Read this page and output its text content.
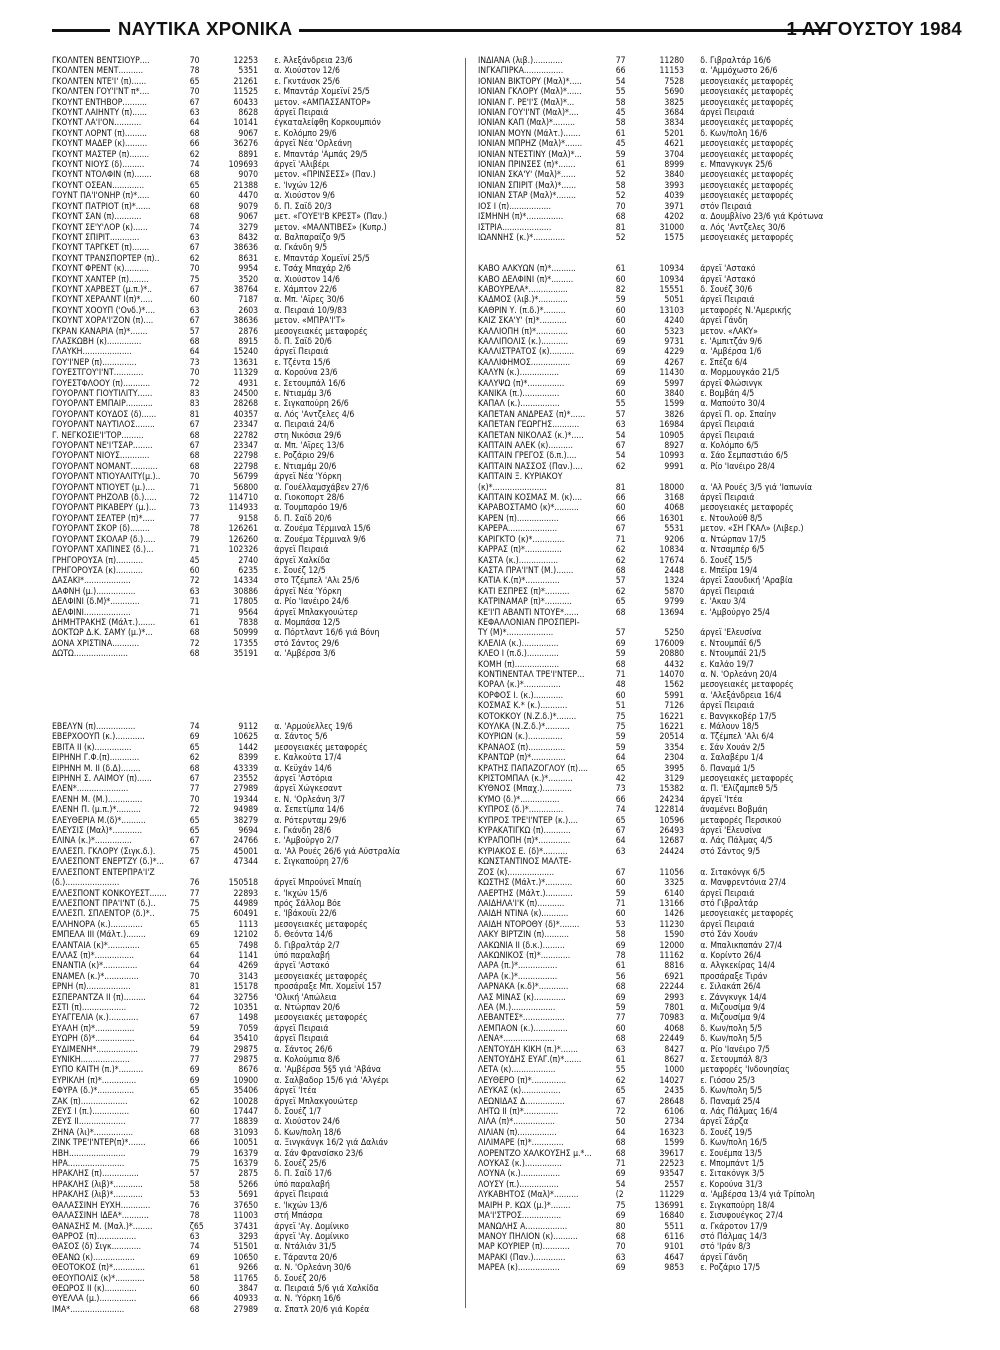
ΝΑΥΤΙΚΑ ΧΡΟΝΙΚΑ	1 ΑΥΓΟΥΣΤΟΥ 1984
ΓΚΟΛΝΤΕΝ ΒΕΝΤΣΙΟΥΡ....	70	12253 ε. Άλεξάνδρεια 23/6
ΓΚΟΛΝΤΕΝ ΜΕΝΤ..........	78	5351 α. Χιούστον 12/6
ΓΚΟΛΝΤΕΝ ΝΤΕ'Ι' (π)......	65	21261 ε. Γκντάνσκ 25/6
ΓΚΟΛΝΤΕΝ ΓΟΥ'Ι'ΝΤ π*....	70	11525 ε. Μπαντάρ Χομεϊνί 25/5
ΓΚΟΥΝΤ ΕΝΤΗΒΟΡ..........	67	60433 μετον. «ΑΜΠΑΣΣΑΝΤΟΡ»
ΓΚΟΥΝΤ ΛΑΙΗΝΤΥ (π)......	63	8628 άργεϊ Πειραιά
ΓΚΟΥΝΤ ΛΑ'Ι'ΟΝ...........	64	10141 έγκαταλείφθη Κορκουμπιόν
ΓΚΟΥΝΤ ΛΟΡΝΤ (π).........	68	9067 ε. Κολόμπο 29/6
ΓΚΟΥΝΤ ΜΑΔΕΡ (κ).........	66	36276 άργεϊ Νέα 'Ορλεάνη
ΓΚΟΥΝΤ ΜΑΣΤΕΡ (π)........	62	8891 ε. Μπαντάρ 'Αμπάς 29/5
ΓΚΟΥΝΤ ΝΙΟΥΣ (δ).........	74	109693 άργεϊ 'Αλιβέρι
ΓΚΟΥΝΤ ΝΤΟΛΦΙΝ (π).......	68	9070 μετον. «ΠΡΙΝΣΕΣΣ» (Παν.)
ΓΚΟΥΝΤ ΟΣΕΑΝ.............	65	21388 ε. 'Ινχών 12/6
ΓΟΥΝΤ ΠΑ'Ι'ΟΝΗΡ (π)*.....	60	4470 α. Χιούστον 9/6
ΓΚΟΥΝΤ ΠΑΤΡΙΟΤ (π)*......	68	9079 δ. Π. Σαΐδ 20/3
ΓΚΟΥΝΤ ΣΑΝ (π)...........	68	9067 μετ. «ΓΟΥΕ'Ι'Β ΚΡΕΣΤ» (Παν.)
ΓΚΟΥΝΤ ΣΕ'Υ'ΛΟΡ (κ)......	74	3279 μετον. «ΜΑΛΝΤΙΒΕΣ» (Κυπρ.)
ΓΚΟΥΝΤ ΣΠΙΡΙΤ............	63	8432 α. Βαλπαραίζο 9/5
ΓΚΟΥΝΤ ΤΑΡΓΚΕΤ (π).......	67	38636 α. Γκάνδη 9/5
ΓΚΟΥΝΤ ΤΡΑΝΣΠΟΡΤΕΡ (π)..	62	8631 ε. Μπαντάρ Χομεϊνί 25/5
ΓΚΟΥΝΤ ΦΡΕΝΤ (κ)..........	70	9954 ε. Τσάχ Μπαχάρ 2/6
ΓΚΟΥΝΤ ΧΑΝΤΕΡ (π)........	75	3520 α. Χιούστον 14/6
ΓΚΟΥΝΤ ΧΑΡΒΕΣΤ (μ.π.)*..	67	38764 ε. Χάμπτον 22/6
ΓΚΟΥΝΤ ΧΕΡΑΛΝΤ Ι(π)*.....	60	7187 α. Μπ. 'Αϊρες 30/6
ΓΚΟΥΝΤ ΧΟΟΥΠ ('Ονδ.)*....	63	2603 α. Πειραιά 10/9/83
ΓΚΟΥΝΤ ΧΟΡΑ'Ι'ΖΟΝ (π)....	67	38636 μετον. «ΜΠΡΑ'Ι'Τ»
ΓΚΡΑΝ ΚΑΝΑΡΙΑ (π)*.......	57	2876 μεσογειακές μεταφορές
ΓΛΑΣΚΩΒΗ (κ)..............	68	8915 δ. Π. Σαΐδ 20/6
ΓΛΑΥΚΗ....................	64	15240 άργεϊ Πειραιά
ΓΟΥ'Ι'ΝΕΡ (π)..............	73	13631 ε. Τζέντα 15/6
ΓΟΥΕΣΤΓΟΥ'Ι'ΝΤ............	70	11329 α. Κορούνα 23/6
ΓΟΥΕΣΤΦΛΟΟΥ (π)...........	72	4931 ε. Σετουμπάλ 16/6
ΓΟΥΟΡΛΝΤ ΓΙΟΥΤΙΛΙΤΥ......	83	24500 ε. Ντιαμάμ 3/6
ΓΟΥΟΡΛΝΤ ΕΜΠΑΙΡ...........	83	28268 ε. Σιγκαπούρη 26/6
ΓΟΥΟΡΛΝΤ ΚΟΥΔΟΣ (δ)......	81	40357 α. Λός 'Αντζελες 4/6
ΓΟΥΟΡΛΝΤ ΝΑΥΤΙΛΟΣ........	67	23347 α. Πειραιά 24/6
Γ. ΝΕΓΚΟΣΙΕ'Ι'ΤΟΡ.........	68	22782 στη Νικόσια 29/6
ΓΟΥΟΡΛΝΤ ΝΕ'Ι'ΤΣΑΡ........	67	23347 α. Μπ. 'Αϊρες 13/6
ΓΟΥΟΡΛΝΤ ΝΙΟΥΣ............	68	22798 ε. Ροζάριο 29/6
ΓΟΥΟΡΛΝΤ ΝΟΜΑΝΤ...........	68	22798 ε. Ντιαμάμ 20/6
ΓΟΥΟΡΛΝΤ ΝΤΙΟΥΑΛΙΤΥ(μ.)..	70	56799 άργεϊ Νέα 'Υόρκη
ΓΟΥΟΡΛΝΤ ΝΤΙΟΥΕΤ (μ.)....	71	56800 α. Γουέλλαμσχάβεν 27/6
ΓΟΥΟΡΛΝΤ ΡΗΖΟΛΒ (δ.).....	72	114710 α. Γιοκοπορτ 28/6
ΓΟΥΟΡΛΝΤ ΡΙΚΑΒΕΡΥ (μ.)...	73	114933 α. Τουμπαρόο 19/6
ΓΟΥΟΡΛΝΤ ΣΕΛΤΕΡ (π)*.....	77	9158 δ. Π. Σαΐδ 20/6
ΓΟΥΟΡΛΝΤ ΣΚΟΡ (δ)........	78	126261 α. Ζουέμα Τέρμιναλ 15/6
ΓΟΥΟΡΛΝΤ ΣΚΟΛΑΡ (δ.).....	79	126260 α. Ζουέμα Τέρμιναλ 9/6
ΓΟΥΟΡΛΝΤ ΧΑΠΙΝΕΣ (δ.)...	71	102326 άργεϊ Πειραιά
ΓΡΗΓΟΡΟΥΣΑ (π)...........	45	2740 άργεϊ Χαλκίδα
ΓΡΗΓΟΡΟΥΣΑ (κ)...........	60	6235 ε. Σουέζ 12/5
ΔΑΣΑΚΙ*...................	72	14334 στο Τζέμπελ 'Αλι 25/6
ΔΑΦΝΗ (μ.)................	63	30886 άργεϊ Νέα 'Υόρκη
ΔΕΛΦΙΝΙ (δ.Μ)*............	71	17805 α. Ρίο 'Ιανέιρο 24/6
ΔΕΛΦΙΝΙ...................	71	9564 άργεϊ Μπλακγουώτερ
ΔΗΜΗΤΡΑΚΗΣ (Μάλτ.).......	61	7838 α. Μομπάσα 12/5
ΔΟΚΤΩΡ Δ.Κ. ΣΑΜΥ (μ.)*...	68	50999 α. Πόρτλαντ 16/6 γιά Βόνη
ΔΟΝΑ ΧΡΙΣΤΙΝΑ...........	72	17355 στό Σάντος 29/6
ΔΩΤΩ......................	68	35191 α. 'Αμβέρσα 3/6
ΕΒΕΛΥΝ (π)................	74	9112 α. 'Αρμούελλες 19/6
ΕΒΕΡΧΟΟΥΠ (κ.)............	69	10625 α. Σάντος 5/6
ΕΒΙΤΑ ΙΙ (κ)...............	65	1442 μεσογειακές μεταφορές
ΕΙΡΗΝΗ Γ.Φ.(π)............	62	8399 ε. Καλκούτα 17/4
ΕΙΡΗΝΗ Μ. ΙΙ (δ.Δ)........	68	43339 α. Κεϋχάν 14/6
ΕΙΡΗΝΗ Σ. ΛΑΙΜΟΥ (π)......	67	23552 άργεϊ 'Αστόρια
ΕΛΕΝ*.....................	77	27989 άργεϊ Χώγκεσαντ
ΕΛΕΝΗ Μ. (Μ.)..............	70	19344 ε. Ν. 'Ορλεάνη 3/7
ΕΛΕΝΗ Π. (μ.π.)*..........	72	94989 α. Σεπετίμπα 14/6
ΕΛΕΥΘΕΡΙΑ Μ.(δ)*..........	65	38279 α. Ρότερνταμ 29/6
ΕΛΕΥΣΙΣ (Μαλ)*............	65	9694 ε. Γκάνδη 28/6
ΕΛΙΝΑ (κ.)*...............	67	24766 ε. 'Αμβούργο 2/7
ΕΛΛΕΣΠ. ΓΚΛΟΡΥ (Σιγκ.δ.).	75	45001 α. 'Αλ Ρουές 26/6 γιά Αύστραλία
ΕΛΛΕΣΠΟΝΤ ΕΝΕΡΤΖΥ (δ.)*...	67	47344 ε. Σιγκαπούρη 27/6
ΕΛΛΕΣΠΟΝΤ ΕΝΤΕΡΠΡΑ'Ι'Ζ
(δ.)......................	76	150518 άργεϊ Μπρούνεϊ Μπαίη
ΕΛΛΕΣΠΟΝΤ ΚΟΝΚΟΥΕΣΤ.......	77	22893 ε. 'Ικχών 15/6
ΕΛΛΕΣΠΟΝΤ ΠΡΑ'Ι'ΝΤ (δ.)..	75	44989 πρός Σάλλομ Βόε
ΕΛΛΕΣΠ. ΣΠΛΕΝΤΟΡ (δ.)*..	75	60491 ε. 'Ιβάκουϊι 22/6
ΕΛΛΗΝΟΡΑ (κ.).............	65	1113 μεσογειακές μεταφορές
ΕΜΠΕΛΑ ΙΙΙ (Μάλτ.)........	69	12102 δ. Θεόντα 14/6
ΕΛΑΝΤΑΙΑ (κ)*.............	65	7498 δ. Γιβραλτάρ 2/7
ΕΛΛΑΣ (π)*................	64	1141 ύπό παραλαβή
ΕΝΑΝΤΙΑ (κ)*..............	64	4269 άργεϊ 'Αστακό
ΕΝΑΜΕΛ (κ.)*..............	70	3143 μεσογειακές μεταφορές
ΕΡΝΗ (π)..................	81	15178 προσάραξε Μπ. Χομεϊνί 157
ΕΣΠΕΡΑΝΤΖΑ ΙΙ (π).........	64	32756 'Ολική 'Απώλεια
ΕΣΤΙ (π)..................	72	10351 α. Ντώρπαν 20/6
ΕΥΑΓΓΕΛΙΑ (κ.)............	67	1498 μεσογειακές μεταφορές
ΕΥΑΛΗ (π)*................	59	7059 άργεϊ Πειραιά
ΕΥΩΡΗ (δ)*................	64	35410 άργεϊ Πειραιά
ΕΥΔΙΜΕΝΗ*.................	79	29875 α. Σάντος 26/6
ΕΥΝΙΚΗ....................	77	29875 α. Κολούμπια 8/6
ΕΥΠΟ ΚΑΙΤΗ (π.)*..........	69	8676 α. 'Αμβέρσα 5§5 γιά 'Αβάνα
ΕΥΡΙΚΛΗ (π)*..............	69	10900 α. Σαλβαδορ 15/6 γιά 'Αλγέρι
ΕΦΥΡΑ (δ.)*...............	65	35406 άργεϊ 'Ιτέα
ΖΑΚ (π)...................	62	10028 άργεϊ Μπλακγουώτερ
ΖΕΥΣ Ι (π.)...............	60	17447 δ. Σουέζ 1/7
ΖΕΥΣ ΙΙ...................	77	18839 α. Χιούστον 24/6
ΖΗΝΑ (λι)*................	68	31093 δ. Κων/πολη 18/6
ΖΙΝΚ ΤΡΕ'Ι'ΝΤΕΡ(π)*.......	66	10051 α. Ξινγκάνγκ 16/2 γιά Δαλιάν
ΗΒΗ.......................	79	16379 α. Σάν Φρανσίσκο 23/6
ΗΡΑ.......................	75	16379 δ. Σουέζ 25/6
ΗΡΑΚΛΗΣ (π)...............	57	2875 δ. Π. Σαΐδ 17/6
ΗΡΑΚΛΗΣ (λιβ)*............	58	5266 ύπό παραλαβή
ΗΡΑΚΛΗΣ (λιβ)*............	53	5691 άργεϊ Πειραιά
ΘΑΛΑΣΣΙΝΗ ΕΥΧΗ............	76	37650 ε. 'Ικχών 13/6
ΘΑΛΑΣΣΙΝΗ ΙΔΕΑ*...........	78	11003 στή Μπάσρα
ΘΑΝΑΣΗΣ Μ. (Μαλ.)*........	ζ65	37431 άργεϊ 'Αγ. Δομίνικο
ΘΑΡΡΟΣ (π)................	63	3293 άργεϊ 'Αγ. Δομίνικο
ΘΑΣΟΣ (δ) Σιγκ............	74	51501 α. Ντάλιάν 31/5
ΘΕΑΝΩ (κ).................	69	10650 ε. Τάραντα 20/6
ΘΕΟΤΟΚΟΣ (π)*.............	61	9266 α. Ν. 'Ορλεάνη 30/6
ΘΕΟΥΠΟΛΙΣ (κ)*............	58	11765 δ. Σουέζ 20/6
ΘΕΩΡΟΣ ΙΙ (κ).............	60	3847 α. Πειραιά 5/6 γιά Χαλκίδα
ΘΥΕΛΛΑ (μ.)...............	66	40933 α. Ν. 'Υόρκη 16/6
ΙΜΑ*......................	68	27989 α. Σπατλ 20/6 γιά Κορέα
ΙΝΔΙΑΝΑ (λιβ.)............	77	11280 δ. Γιβραλτάρ 16/6
ΙΝΓΚΑΠΙΡΚΑ................	66	11153 α. 'Αμμόχωστο 26/6
ΙΟΝΙΑΝ ΒΙΚΤΟΡΥ (Μαλ)*.....	54	7528 μεσογειακές μεταφορές
ΙΟΝΙΑΝ ΓΚΛΟΡΥ (Μαλ)*......	55	5690 μεσογειακές μεταφορές
ΙΟΝΙΑΝ Γ. ΡΕ'Ι'Σ (Μαλ)*...	58	3825 μεσογειακές μεταφορές
ΙΟΝΙΑΝ ΓΟΥ'Ι'ΝΤ (Μαλ)*....	45	3684 άργεϊ Πειραιά
ΙΟΝΙΑΝ ΚΑΠ (Μαλ)*.........	58	3834 μεσογειακές μεταφορές
ΙΟΝΙΑΝ ΜΟΥΝ (Μάλτ.).......	61	5201 δ. Κων/πολη 16/6
ΙΟΝΙΑΝ ΜΠΡΗΖ (Μαλ)*.......	45	4621 μεσογειακές μεταφορές
ΙΟΝΙΑΝ ΝΤΕΣΤΙΝΥ (Μαλ)*...	59	3704 μεσογειακές μεταφορές
ΙΟΝΙΑΝ ΠΡΙΝΣΕΣ (π)*.......	61	8999 ε. Μπανγκνγκ 25/6
ΙΟΝΙΑΝ ΣΚΑ'Υ' (Μαλ)*......	52	3840 μεσογειακές μεταφορές
ΙΟΝΙΑΝ ΣΠΙΡΙΤ (Μαλ)*......	58	3993 μεσογειακές μεταφορές
ΙΟΝΙΑΝ ΣΤΑΡ (Μαλ)*........	52	4039 μεσογειακές μεταφορές
ΙΟΣ Ι (π).................	70	3971 στόν Πειραιά
ΙΣΜΗΝΗ (π)*...............	68	4202 α. Δουμβλίνο 23/6 γιά Κρότωνα
ΙΣΤΡΙΑ....................	81	31000 α. Λός 'Αντζελες 30/6
ΙΩΑΝΝΗΣ (κ.)*.............	52	1575 μεσογειακές μεταφορές
ΚΑΒΟ ΑΛΚΥΩΝ (π)*..........	61	10934 άργεϊ 'Αστακό
ΚΑΒΟ ΔΕΛΦΙΝΙ (π)*.........	60	10934 άργεϊ 'Αστακό
ΚΑΒΟΥΡΕΛΑ*................	82	15551 δ. Σουέζ 30/6
ΚΑΔΜΟΣ (λιβ.)*............	59	5051 άργεϊ Πειραιά
ΚΑΘΡΙΝ Υ. (π.δ.)*.........	60	13103 μεταφορές Ν.'Αμερικής
ΚΑΙΖ ΣΚΑ'Υ' (π)*...........	60	4240 άργεϊ Γάνδη
ΚΑΛΛΙΟΠΗ (π)*.............	60	5323 μετον. «ΛΑΚΥ»
ΚΑΛΛΙΠΟΛΙΣ (κ.)...........	69	9731 ε. 'Αμπιτζάν 9/6
ΚΑΛΛΙΣΤΡΑΤΟΣ (κ)..........	69	4229 α. 'Αμβέρσα 1/6
ΚΑΛΛΙΦΗΜΟΣ................	69	4267 ε. Σπέζα 6/4
ΚΑΛΥΝ (κ.)................	69	11430 α. Μορμουγκάο 21/5
ΚΑΛΥΨΩ (π)*...............	69	5997 άργεϊ Φλώσινγκ
ΚΑΝΙΚΑ (π.)...............	60	3840 ε. Βομβάη 4/5
ΚΑΠΑΛ (κ.)................	55	1599 α. Μαπούτο 30/4
ΚΑΠΕΤΑΝ ΑΝΔΡΕΑΣ (π)*......	57	3826 άργεϊ Π. ορ. Σπαίην
ΚΑΠΕΤΑΝ ΓΕΩΡΓΗΣ...........	63	16984 άργεϊ Πειραιά
ΚΑΠΕΤΑΝ ΝΙΚΟΛΑΣ (κ.)*.....	54	10905 άργεϊ Πειραιά
ΚΑΠΤΑΙΝ ΑΛΕΚ (κ)..........	67	8927 α. Κολόμπο 6/5
ΚΑΠΤΑΙΝ ΓΡΕΓΟΣ (δ.π.)....	54	10993 α. Σάο Σεμπαστιάο 6/5
ΚΑΠΤΑΙΝ ΝΑΣΣΟΣ (Παν.)....	62	9991 α. Ρίο 'Ιανέιρο 28/4
ΚΑΠΤΑΙΝ Ξ. ΚΥΡΙΑΚΟΥ
(κ)*......................	81	18000 α. 'Αλ Ρουές 3/5 γιά 'Ιαπωνία
ΚΑΠΤΑΙΝ ΚΟΣΜΑΣ Μ. (κ)....	66	3168 άργεϊ Πειραιά
ΚΑΡΑΒΟΣΤΑΜΟ (κ)*..........	60	4068 μεσογειακές μεταφορές
ΚΑΡΕΝ (π).................	66	16301 ε. Ντουλούθ 8/5
ΚΑΡΕΡΑ....................	67	5531 μετον. «ΣΗ ΓΚΑΛ» (Λιβερ.)
ΚΑΡΙΓΚΤΟ (κ)*.............	71	9206 α. Ντώρπαν 17/5
ΚΑΡΡΑΣ (π)*...............	62	10834 α. Ντσαμπέρ 6/5
ΚΑΣΤΑ (κ.)................	62	17674 δ. Σουέζ 15/5
ΚΑΣΤΑ ΠΡΑ'Ι'ΝΤ (Μ.).......	68	2448 ε. Μπέϊρα 19/4
ΚΑΤΙΑ Κ.(π)*..............	57	1324 άργεϊ Σαουδική 'Αραβία
ΚΑΤΙ ΕΣΠΡΕΣ (π)*..........	62	5870 άργεϊ Πειραιά
ΚΑΤΡΙΝΑΜΑΡ (π)*...........	65	9799 ε. 'Ακαυ 3/4
ΚΕ'Ι'Π ΑΒΑΝΤΙ ΝΤΟΥΕ*......	68	13694 ε. 'Αμβούργο 25/4
ΚΕΦΑΛΛΟΝΙΑΝ ΠΡΟΣΠΕΡΙ-
ΤΥ (Μ)*...................	57	5250 άργεϊ 'Ελευσίνα
ΚΛΕΛΙΑ (κ.)...............	69	176009 ε. Ντουμπάϊ 6/5
ΚΛΕΟ Ι (π.δ.).............	59	20880 ε. Ντουμπάϊ 21/5
ΚΟΜΗ (π)..................	68	4432 ε. Καλάο 19/7
ΚΟΝΤΙΝΕΝΤΑΛ ΤΡΕ'Ι'ΝΤΕΡ...	71	14070 α. Ν. 'Ορλεάνη 20/4
ΚΟΡΑΛ (κ.)*...............	48	1562 μεσογειακές μεταφορές
ΚΟΡΦΟΣ Ι. (κ.)............	60	5991 α. 'Αλεξάνδρεια 16/4
ΚΟΣΜΑΣ Κ.* (κ.)...........	51	7126 άργεϊ Πειραιά
ΚΟΤΟΚΚΟΥ (Ν.Ζ.δ.)*........	75	16221 ε. Βανγκκοβέρ 17/5
ΚΟΥΛΚΑ (Ν.Ζ.δ.)*..........	75	16221 ε. Μάλουν 18/5
ΚΟΥΡΙΩΝ (κ.)..............	59	20514 α. Τζέμπελ 'Αλι 6/4
ΚΡΑΝΑΟΣ (π)...............	59	3354 ε. Σάν Χουάν 2/5
ΚΡΑΝΤΩΡ (π)*..............	64	2304 α. Σαλαβέρυ 1/4
ΚΡΑΤΗΣ ΠΑΠΑΖΟΓΛΟΥ (π)....	65	3995 δ. Παναμά 1/5
ΚΡΙΣΤΟΜΠΑΛ (κ.)*..........	42	3129 μεσογειακές μεταφορές
ΚΥΘΝΟΣ (Μπαχ.)............	73	15382 α. Π. 'Ελίζαμπεθ 5/5
ΚΥΜΟ (δ.)*................	66	24234 άργεϊ 'Ιτέα
ΚΥΠΡΟΣ (δ.)*..............	74	122814 άναμένει Βοβμάη
ΚΥΠΡΟΣ ΤΡΕ'Ι'ΝΤΕΡ (κ.)....	65	10596 μεταφορές Περσικού
ΚΥΡΑΚΑΤΙΓΚΩ (π)...........	67	26493 άργεϊ 'Ελευσίνα
ΚΥΡΑΠΟΠΗ (π)*.............	64	12687 α. Λάς Πάλμας 4/5
ΚΥΡΙΑΚΟΣ Ε. (δ)*..........	63	24424 στό Σάντος 9/5
ΚΩΝΣΤΑΝΤΙΝΟΣ ΜΑΛΤΕ-
ΖΟΣ (κ)...................	67	11056 α. Σιτακόνγκ 6/5
ΚΩΣΤΗΣ (Μάλτ.)*...........	60	3325 α. Μανφρεντόνια 27/4
ΛΑΕΡΤΗΣ (Μάλτ.)...........	59	6140 άργεϊ Πειραιά
ΛΑΙΔΗΛΑ'Ι'Κ (π)...........	71	13166 στό Γιβραλτάρ
ΛΑΙΔΗ ΝΤΙΝΑ (κ)...........	60	1426 μεσογειακές μεταφορές
ΛΑΙΔΗ ΝΤΟΡΟΘΥ (δ)*........	53	11230 άργεϊ Πειραιά
ΛΑΚΥ ΒΙΡΤΖΙΝ (π)..........	58	1590 στό Σάν Χουάν
ΛΑΚΩΝΙΑ ΙΙ (δ.κ.).........	69	12000 α. Μπαλικπαπάν 27/4
ΛΑΚΩΝΙΚΟΣ (π)*............	78	11162 α. Κορίντο 26/4
ΛΑΡΑ (π.)*................	61	8816 α. Αλγκεκίρας 14/4
ΛΑΡΑ (κ.)*................	56	6921 προσάραξε Τιράν
ΛΑΡΝΑΚΑ (κ.δ)*............	68	22244 ε. Σιλακάπ 26/4
ΛΑΣ ΜΙΝΑΣ (κ).............	69	2993 ε. Ζάνγκνγκ 14/4
ΛΕΑ (Μ.)..................	59	7801 α. Μιζουσίμα 9/4
ΛΕΒΑΝΤΕΣ*.................	77	70983 α. Μιζουσίμα 9/4
ΛΕΜΠΑΟΝ (κ.)..............	60	4068 δ. Κων/πολη 5/5
ΛΕΝΑ*.....................	68	22449 δ. Κων/πολη 5/5
ΛΕΝΤΟΥΔΗ ΚΙΚΗ (π.)*.......	63	8427 α. Ρίο 'Ιανέιρο 7/5
ΛΕΝΤΟΥΔΗΣ ΕΥΑΓ.(π)*.......	61	8627 α. Σετουμπάλ 8/3
ΛΕΤΑ (κ)..................	55	1000 μεταφορές 'Ινδονησίας
ΛΕΥΘΕΡΟ (π)*..............	62	14027 ε. Γιόσου 25/3
ΛΕΥΚΑΣ (κ)................	65	2435 δ. Κων/πολη 5/5
ΛΕΩΝΙΔΑΣ Δ................	67	28648 δ. Παναμά 25/4
ΛΗΤΩ ΙΙ (π)*..............	72	6106 α. Λάς Πάλμας 16/4
ΛΙΛΑ (π)*.................	50	2734 άργεϊ Σάρζα
ΛΙΛΙΑΝ (π)................	64	16323 δ. Σουέζ 19/5
ΛΙΛΙΜΑΡΕ (π)*.............	68	1599 δ. Κων/πολη 16/5
ΛΟΡΕΝΤΖΟ ΧΑΛΚΟΥΣΗΣ μ.*...	68	39617 ε. Σουέμπα 13/5
ΛΟΥΚΑΣ (κ.)...............	71	22523 ε. Μπομπάντ 1/5
ΛΟΥΝΑ (κ.)................	69	93547 ε. Σιτακόνγκ 3/5
ΛΟΥΣΥ (π.)................	54	2557 ε. Κορούνα 31/3
ΛΥΚΑΒΗΤΟΣ (Μαλ)*..........	(2	11229 α. 'Αμβέρσα 13/4 γιά Τρίπολη
ΜΑΙΡΗ Ρ. ΚΩΧ (μ.)*........	75	136991 ε. Σιγκαπούρη 18/4
ΜΑ'Ι'ΣΤΡΟΣ................	69	16840 ε. Σισυφουέγκος 27/4
ΜΑΝΩΛΗΣ Α.................	80	5511 α. Γκάροτον 17/9
ΜΑΝΟΥ ΠΗΛΙΟΝ (κ)..........	68	6116 στό Πάλμας 14/3
ΜΑΡ ΚΟΥΡΙΕΡ (π)...........	70	9101 στό 'Ιράν 8/3
ΜΑΡΑΚΙ (Παν.).............	63	4647 άργεϊ Γάνδη
ΜΑΡΕΑ (κ).................	69	9853 ε. Ροζάριο 17/5
